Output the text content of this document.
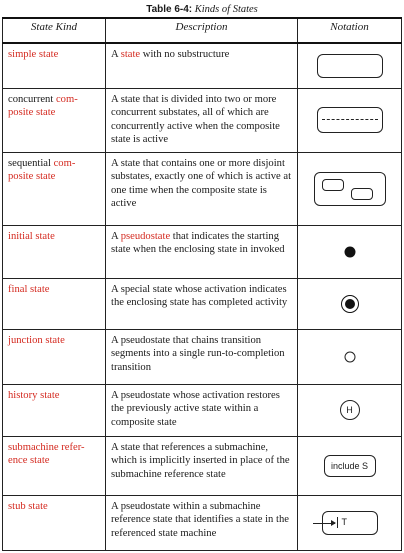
Table 6-4: Kinds of States
State Kind	Description	Notation
simple state	A state with no substructure	

concurrent com-
posite state	A state that is divided into two or more concurrent substates, all of which are concurrently active when the composite state is active	

sequential com-
posite state	A state that contains one or more disjoint substates, exactly one of which is active at one time when the composite state is active	

initial state	A pseudostate that indicates the starting state when the enclosing state in invoked	

final state	A special state whose activation indicates the enclosing state has completed activity	

junction state	A pseudostate that chains transition segments into a single run-to-completion transition	

history state	A pseudostate whose activation restores the previously active state within a composite state	H

submachine refer-
ence state	A state that references a submachine, which is implicitly inserted in place of the submachine reference state	include S

stub state	A pseudostate within a submachine reference state that identifies a state in the referenced state machine	T
